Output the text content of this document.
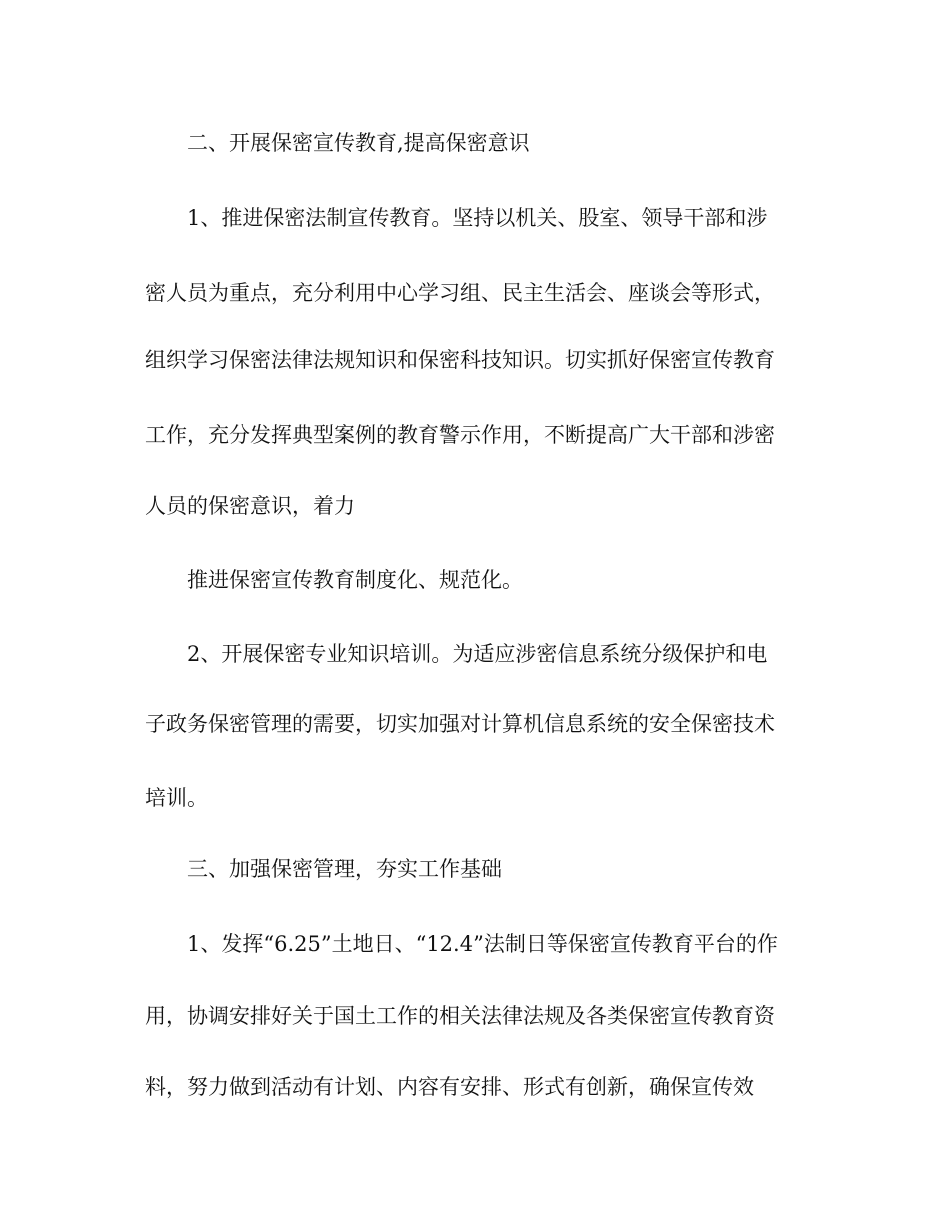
二、开展保密宣传教育,提高保密意识
1、推进保密法制宣传教育。坚持以机关、股室、领导干部和涉
密人员为重点，充分利用中心学习组、民主生活会、座谈会等形式，
组织学习保密法律法规知识和保密科技知识。切实抓好保密宣传教育
工作，充分发挥典型案例的教育警示作用，不断提高广大干部和涉密
人员的保密意识，着力
推进保密宣传教育制度化、规范化。
2、开展保密专业知识培训。为适应涉密信息系统分级保护和电
子政务保密管理的需要，切实加强对计算机信息系统的安全保密技术
培训。
三、加强保密管理，夯实工作基础
1、发挥“6.25”土地日、“12.4”法制日等保密宣传教育平台的作
用，协调安排好关于国土工作的相关法律法规及各类保密宣传教育资
料，努力做到活动有计划、内容有安排、形式有创新，确保宣传效
